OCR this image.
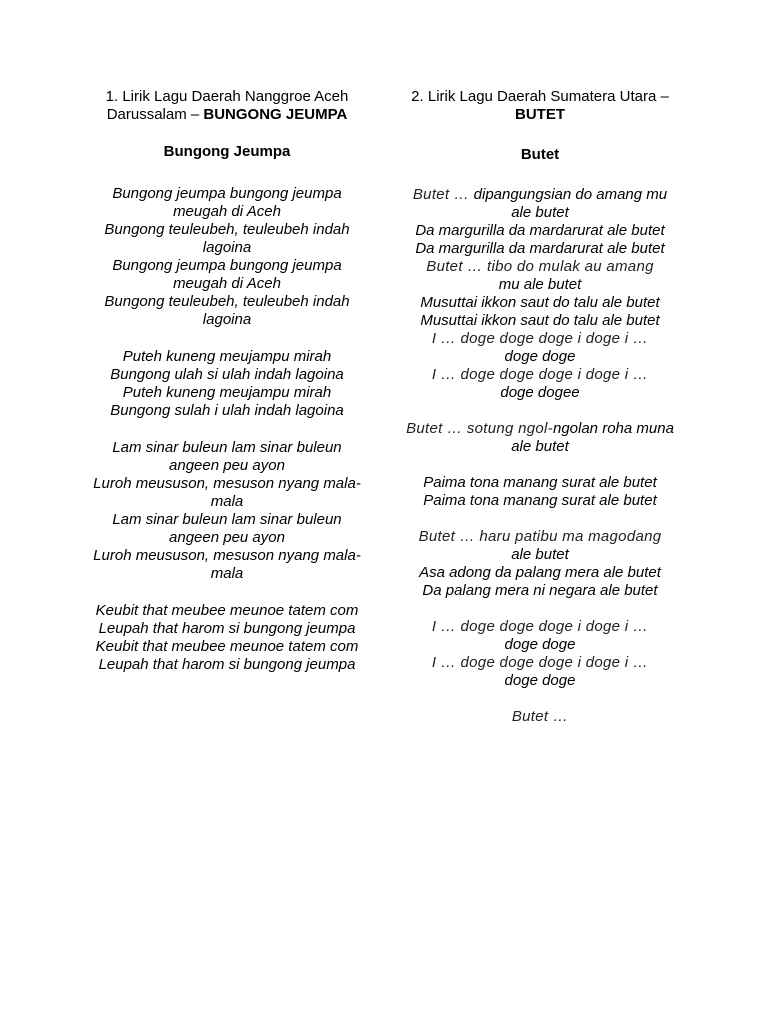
1. Lirik Lagu Daerah Nanggroe Aceh Darussalam – BUNGONG JEUMPA

Bungong Jeumpa

Bungong jeumpa bungong jeumpa meugah di Aceh
Bungong teuleubeh, teuleubeh indah lagoina
Bungong jeumpa bungong jeumpa meugah di Aceh
Bungong teuleubeh, teuleubeh indah lagoina

Puteh kuneng meujampu mirah
Bungong ulah si ulah indah lagoina
Puteh kuneng meujampu mirah
Bungong sulah i ulah indah lagoina

Lam sinar buleun lam sinar buleun angeen peu ayon
Luroh meususon, mesuson nyang mala-mala
Lam sinar buleun lam sinar buleun angeen peu ayon
Luroh meususon, mesuson nyang mala-mala

Keubit that meubee meunoe tatem com
Leupah that harom si bungong jeumpa
Keubit that meubee meunoe tatem com
Leupah that harom si bungong jeumpa

2. Lirik Lagu Daerah Sumatera Utara – BUTET

Butet

Butet … dipangungsian do amang mu ale butet
Da margurilla da mardarurat ale butet
Da margurilla da mardarurat ale butet
Butet … tibo do mulak au amang
mu ale butet
Musuttai ikkon saut do talu ale butet
Musuttai ikkon saut do talu ale butet
I … doge doge doge i doge i …
doge doge
I … doge doge doge i doge i …
doge dogee

Butet … sotung ngol-ngolan roha muna ale butet

Paima tona manang surat ale butet
Paima tona manang surat ale butet

Butet … haru patibu ma magodang
ale butet
Asa adong da palang mera ale butet
Da palang mera ni negara ale butet

I … doge doge doge i doge i …
doge doge
I … doge doge doge i doge i …
doge doge

Butet …
